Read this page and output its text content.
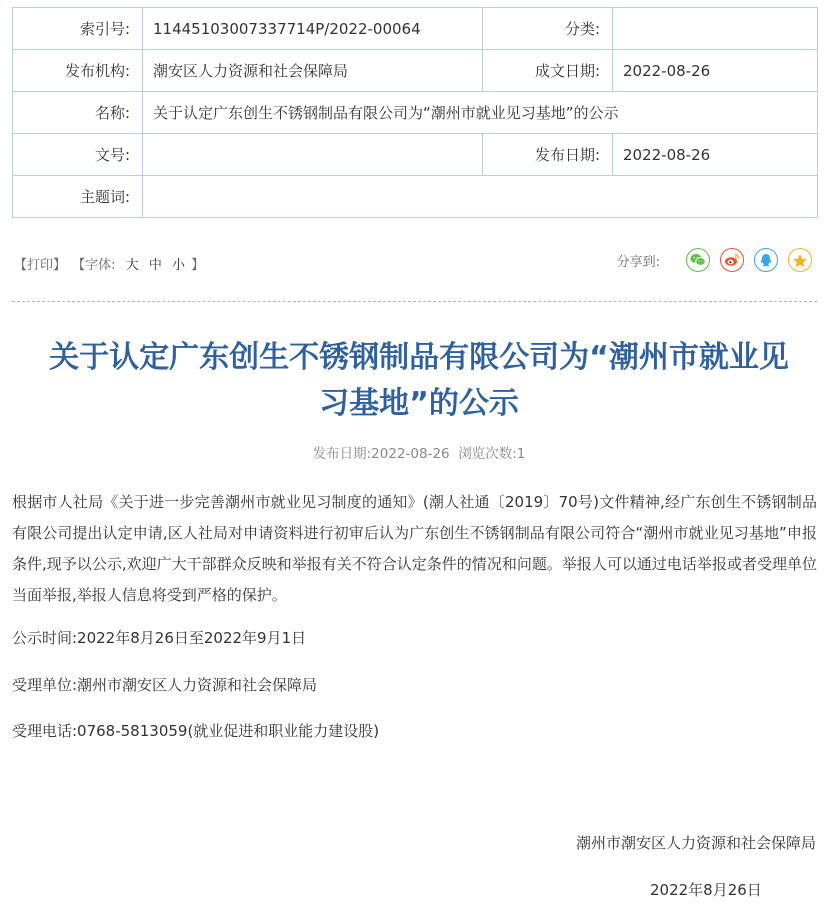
索引号:	11445103007337714P/2022-00064	分类:	
发布机构:	潮安区人力资源和社会保障局	成文日期:	2022-08-26
名称:	关于认定广东创生不锈钢制品有限公司为“潮州市就业见习基地”的公示		
文号:		发布日期:	2022-08-26
主题词:			
【打印】 【字体: 大 中 小 】	分享到:
关于认定广东创生不锈钢制品有限公司为“潮州市就业见
习基地”的公示
发布日期:2022-08-26  浏览次数:1

根据市人社局《关于进一步完善潮州市就业见习制度的通知》(潮人社通〔2019〕70号)文件精神,经广东创生不锈钢制品有限公司提出认定申请,区人社局对申请资料进行初审后认为广东创生不锈钢制品有限公司符合“潮州市就业见习基地”申报条件,现予以公示,欢迎广大干部群众反映和举报有关不符合认定条件的情况和问题。举报人可以通过电话举报或者受理单位当面举报,举报人信息将受到严格的保护。

公示时间:2022年8月26日至2022年9月1日

受理单位:潮州市潮安区人力资源和社会保障局

受理电话:0768-5813059(就业促进和职业能力建设股)

潮州市潮安区人力资源和社会保障局
2022年8月26日
